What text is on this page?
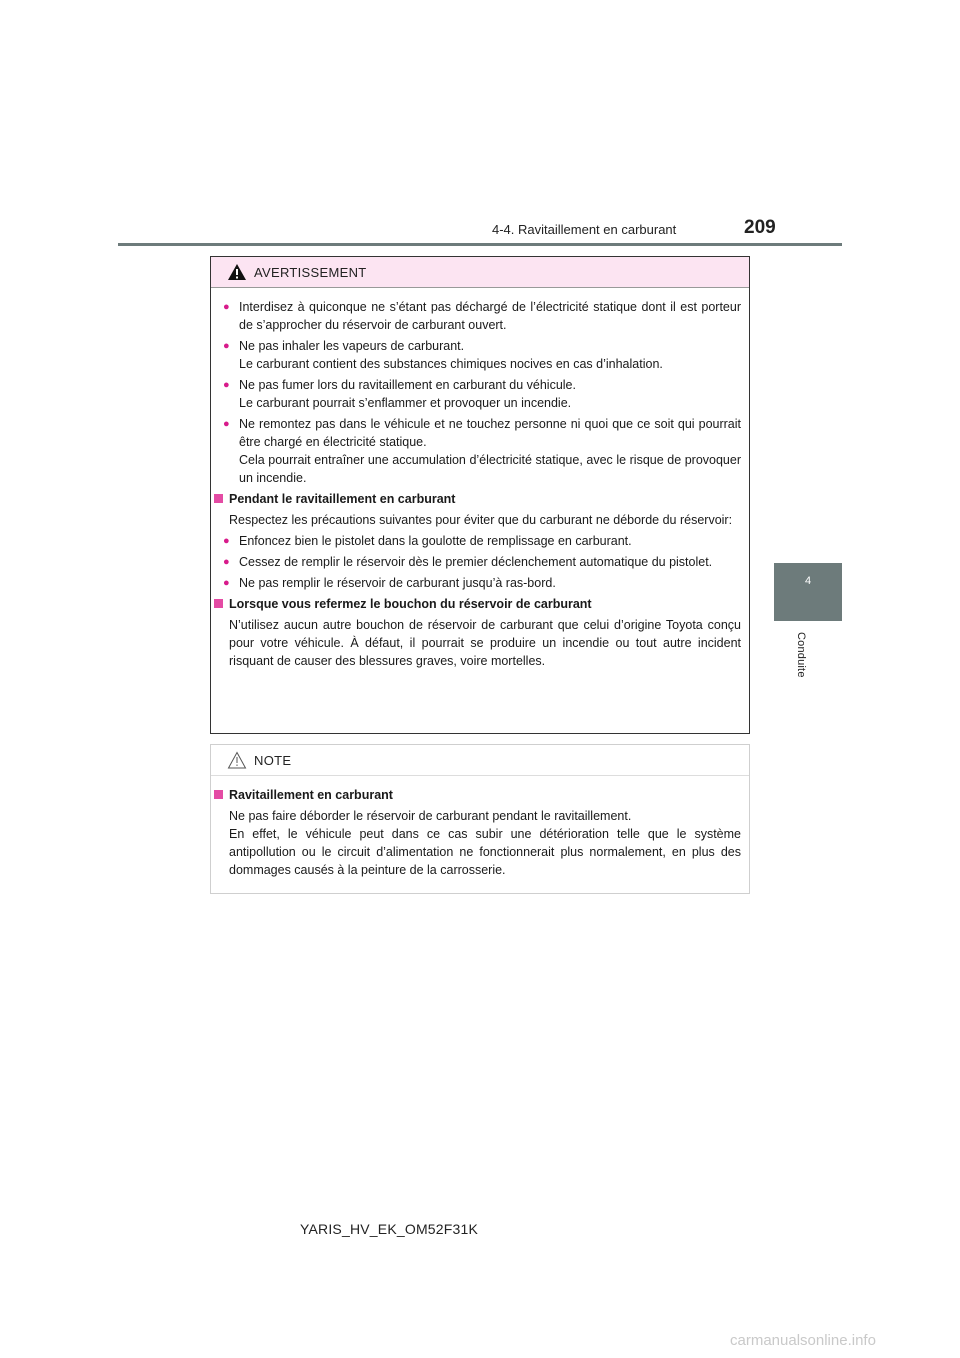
4-4. Ravitaillement en carburant	209
4
Conduite
AVERTISSEMENT
● Interdisez à quiconque ne s’étant pas déchargé de l’électricité statique dont il est porteur de s’approcher du réservoir de carburant ouvert.
● Ne pas inhaler les vapeurs de carburant.
Le carburant contient des substances chimiques nocives en cas d’inhalation.
● Ne pas fumer lors du ravitaillement en carburant du véhicule.
Le carburant pourrait s’enflammer et provoquer un incendie.
● Ne remontez pas dans le véhicule et ne touchez personne ni quoi que ce soit qui pourrait être chargé en électricité statique.
Cela pourrait entraîner une accumulation d’électricité statique, avec le risque de provoquer un incendie.
Pendant le ravitaillement en carburant
Respectez les précautions suivantes pour éviter que du carburant ne déborde du réservoir:
● Enfoncez bien le pistolet dans la goulotte de remplissage en carburant.
● Cessez de remplir le réservoir dès le premier déclenchement automatique du pistolet.
● Ne pas remplir le réservoir de carburant jusqu’à ras-bord.
Lorsque vous refermez le bouchon du réservoir de carburant
N’utilisez aucun autre bouchon de réservoir de carburant que celui d’origine Toyota conçu pour votre véhicule. À défaut, il pourrait se produire un incendie ou tout autre incident risquant de causer des blessures graves, voire mortelles.
NOTE
Ravitaillement en carburant
Ne pas faire déborder le réservoir de carburant pendant le ravitaillement.
En effet, le véhicule peut dans ce cas subir une détérioration telle que le système antipollution ou le circuit d’alimentation ne fonctionnerait plus normalement, en plus des dommages causés à la peinture de la carrosserie.
YARIS_HV_EK_OM52F31K
carmanualsonline.info
